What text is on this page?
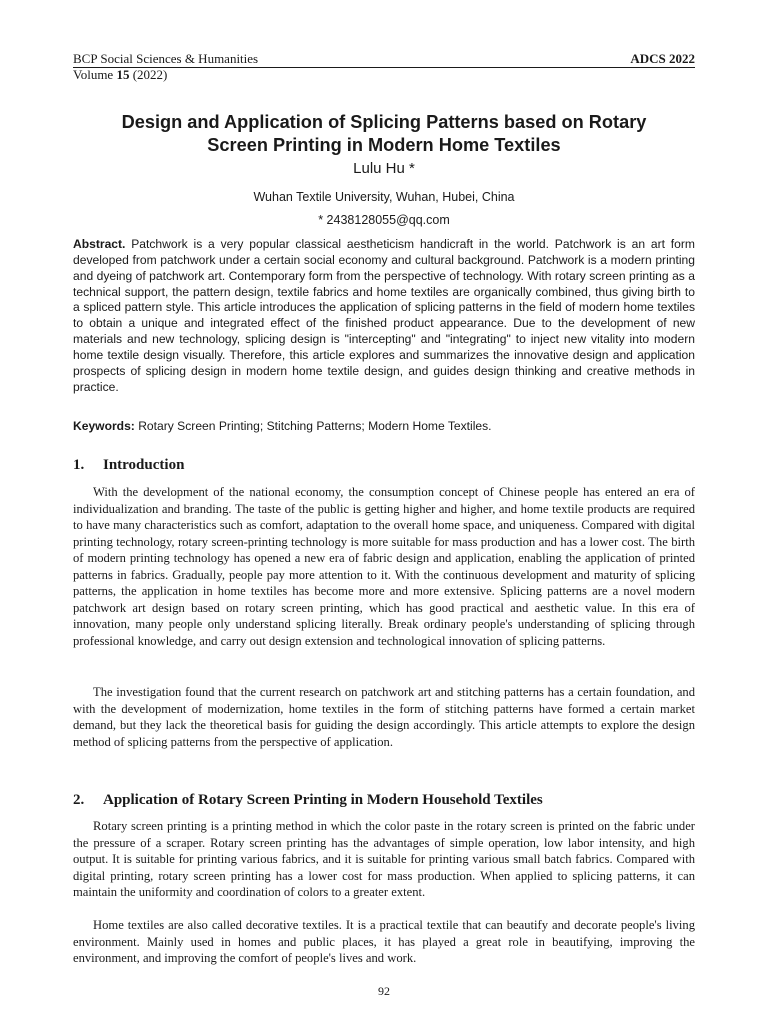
BCP Social Sciences & Humanities	ADCS 2022
Volume 15 (2022)
Design and Application of Splicing Patterns based on Rotary
Screen Printing in Modern Home Textiles
Lulu Hu *
Wuhan Textile University, Wuhan, Hubei, China
* 2438128055@qq.com

Abstract. Patchwork is a very popular classical aestheticism handicraft in the world. Patchwork is an art form developed from patchwork under a certain social economy and cultural background. Patchwork is a modern printing and dyeing of patchwork art. Contemporary form from the perspective of technology. With rotary screen printing as a technical support, the pattern design, textile fabrics and home textiles are organically combined, thus giving birth to a spliced pattern style. This article introduces the application of splicing patterns in the field of modern home textiles to obtain a unique and integrated effect of the finished product appearance. Due to the development of new materials and new technology, splicing design is "intercepting" and "integrating" to inject new vitality into modern home textile design visually. Therefore, this article explores and summarizes the innovative design and application prospects of splicing design in modern home textile design, and guides design thinking and creative methods in practice.

Keywords: Rotary Screen Printing; Stitching Patterns; Modern Home Textiles.

1. Introduction

With the development of the national economy, the consumption concept of Chinese people has entered an era of individualization and branding. The taste of the public is getting higher and higher, and home textile products are required to have many characteristics such as comfort, adaptation to the overall home space, and uniqueness. Compared with digital printing technology, rotary screen-printing technology is more suitable for mass production and has a lower cost. The birth of modern printing technology has opened a new era of fabric design and application, enabling the application of printed patterns in fabrics. Gradually, people pay more attention to it. With the continuous development and maturity of splicing patterns, the application in home textiles has become more and more extensive. Splicing patterns are a novel modern patchwork art design based on rotary screen printing, which has good practical and aesthetic value. In this era of innovation, many people only understand splicing literally. Break ordinary people's understanding of splicing through professional knowledge, and carry out design extension and technological innovation of splicing patterns.

The investigation found that the current research on patchwork art and stitching patterns has a certain foundation, and with the development of modernization, home textiles in the form of stitching patterns have formed a certain market demand, but they lack the theoretical basis for guiding the design accordingly. This article attempts to explore the design method of splicing patterns from the perspective of application.

2. Application of Rotary Screen Printing in Modern Household Textiles

Rotary screen printing is a printing method in which the color paste in the rotary screen is printed on the fabric under the pressure of a scraper. Rotary screen printing has the advantages of simple operation, low labor intensity, and high output. It is suitable for printing various fabrics, and it is suitable for printing various small batch fabrics. Compared with digital printing, rotary screen printing has a lower cost for mass production. When applied to splicing patterns, it can maintain the uniformity and coordination of colors to a greater extent.

Home textiles are also called decorative textiles. It is a practical textile that can beautify and decorate people's living environment. Mainly used in homes and public places, it has played a great role in beautifying, improving the environment, and improving the comfort of people's lives and work.

92
